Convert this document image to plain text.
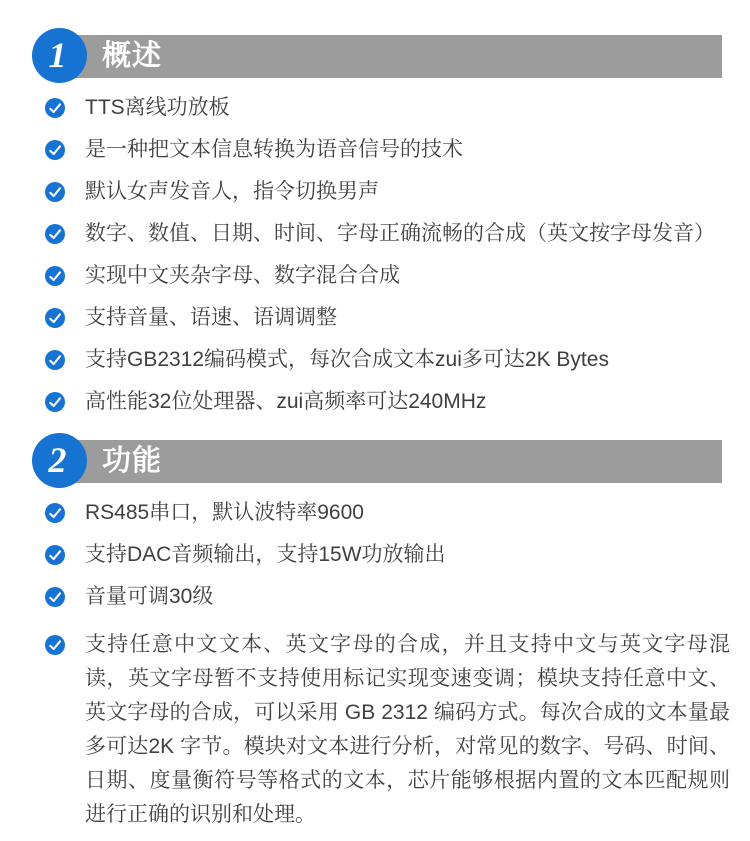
1	概述
TTS离线功放板
是一种把文本信息转换为语音信号的技术
默认女声发音人，指令切换男声
数字、数值、日期、时间、字母正确流畅的合成（英文按字母发音）
实现中文夹杂字母、数字混合合成
支持音量、语速、语调调整
支持GB2312编码模式，每次合成文本zui多可达2K Bytes
高性能32位处理器、zui高频率可达240MHz
2	功能
RS485串口，默认波特率9600
支持DAC音频输出，支持15W功放输出
音量可调30级
支持任意中文文本、英文字母的合成，并且支持中文与英文字母混读，英文字母暂不支持使用标记实现变速变调；模块支持任意中文、英文字母的合成，可以采用 GB 2312 编码方式。每次合成的文本量最多可达2K 字节。模块对文本进行分析，对常见的数字、号码、时间、日期、度量衡符号等格式的文本，芯片能够根据内置的文本匹配规则进行正确的识别和处理。
